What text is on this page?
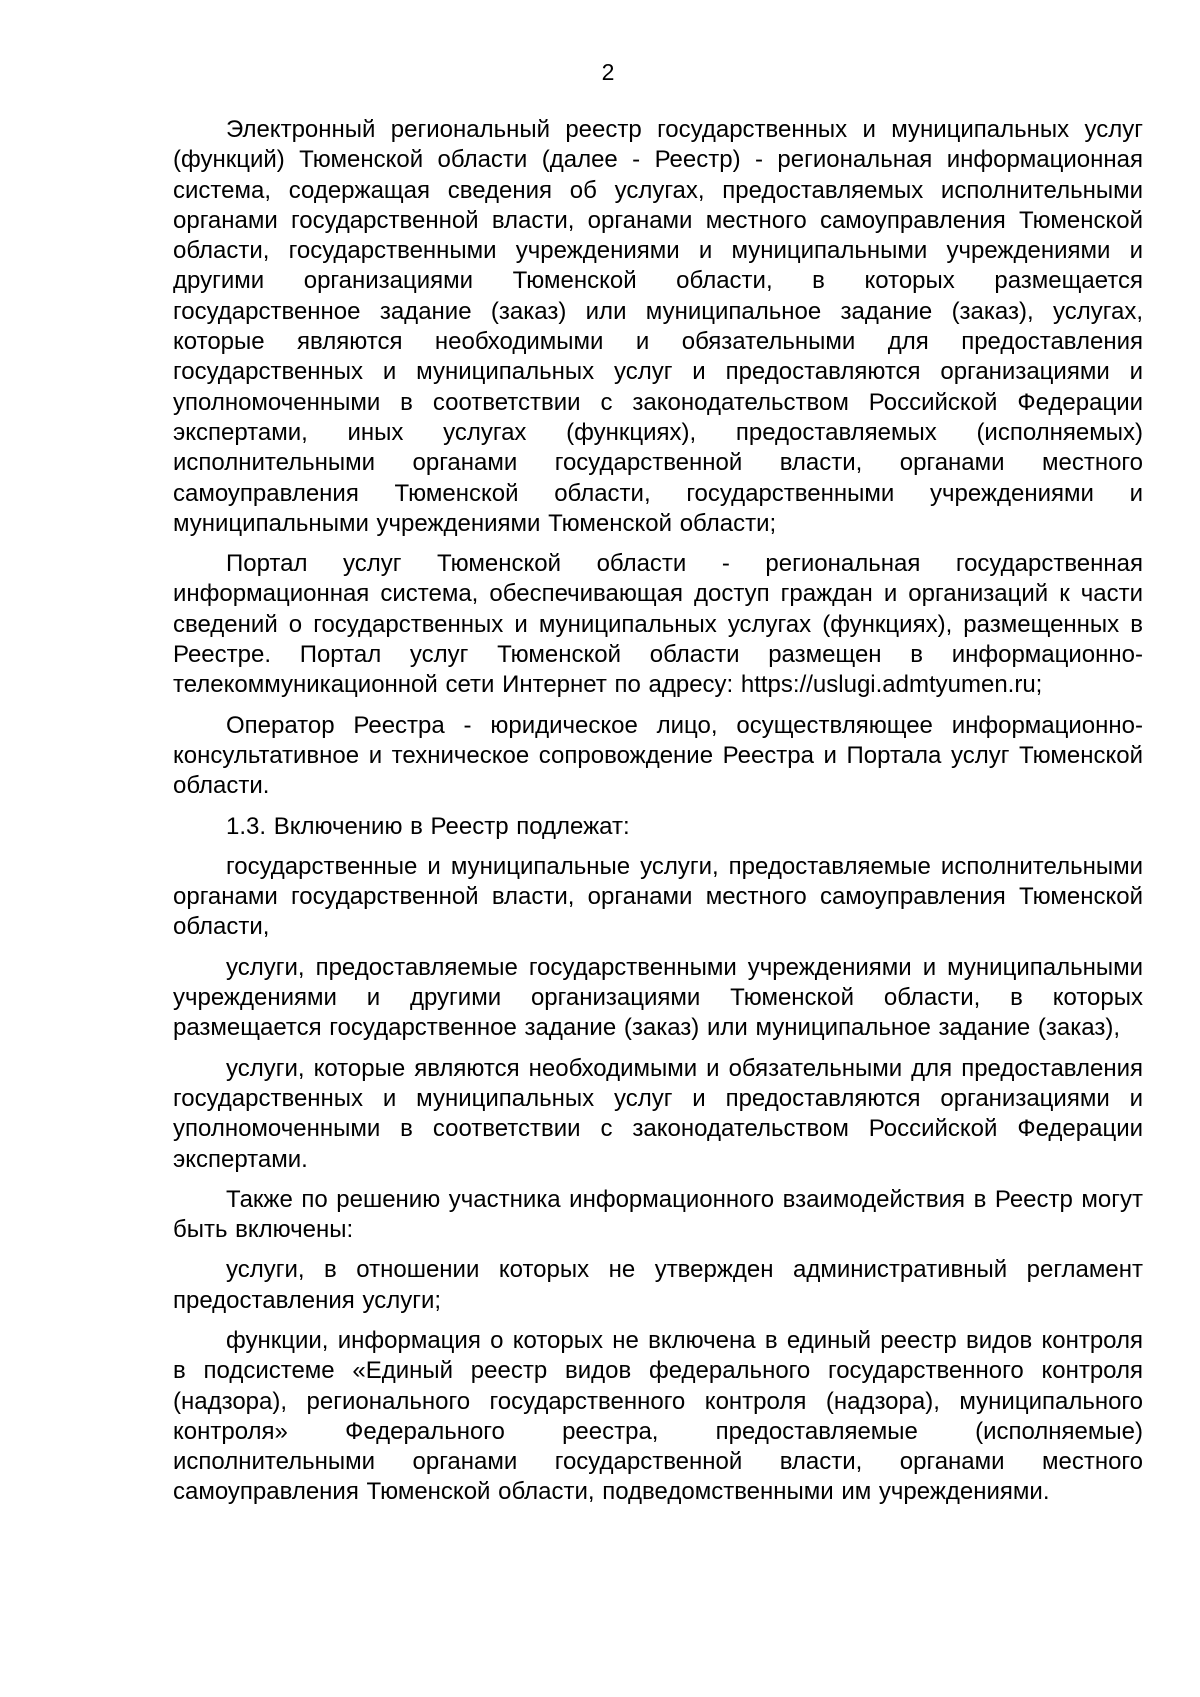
2

Электронный региональный реестр государственных и муниципальных услуг (функций) Тюменской области (далее - Реестр) - региональная информационная система, содержащая сведения об услугах, предоставляемых исполнительными органами государственной власти, органами местного самоуправления Тюменской области, государственными учреждениями и муниципальными учреждениями и другими организациями Тюменской области, в которых размещается государственное задание (заказ) или муниципальное задание (заказ), услугах, которые являются необходимыми и обязательными для предоставления государственных и муниципальных услуг и предоставляются организациями и уполномоченными в соответствии с законодательством Российской Федерации экспертами, иных услугах (функциях), предоставляемых (исполняемых) исполнительными органами государственной власти, органами местного самоуправления Тюменской области, государственными учреждениями и муниципальными учреждениями Тюменской области;

Портал услуг Тюменской области - региональная государственная информационная система, обеспечивающая доступ граждан и организаций к части сведений о государственных и муниципальных услугах (функциях), размещенных в Реестре. Портал услуг Тюменской области размещен в информационно-телекоммуникационной сети Интернет по адресу: https://uslugi.admtyumen.ru;

Оператор Реестра - юридическое лицо, осуществляющее информационно-консультативное и техническое сопровождение Реестра и Портала услуг Тюменской области.

1.3. Включению в Реестр подлежат:

государственные и муниципальные услуги, предоставляемые исполнительными органами государственной власти, органами местного самоуправления Тюменской области,

услуги, предоставляемые государственными учреждениями и муниципальными учреждениями и другими организациями Тюменской области, в которых размещается государственное задание (заказ) или муниципальное задание (заказ),

услуги, которые являются необходимыми и обязательными для предоставления государственных и муниципальных услуг и предоставляются организациями и уполномоченными в соответствии с законодательством Российской Федерации экспертами.

Также по решению участника информационного взаимодействия в Реестр могут быть включены:

услуги, в отношении которых не утвержден административный регламент предоставления услуги;

функции, информация о которых не включена в единый реестр видов контроля в подсистеме «Единый реестр видов федерального государственного контроля (надзора), регионального государственного контроля (надзора), муниципального контроля» Федерального реестра, предоставляемые (исполняемые) исполнительными органами государственной власти, органами местного самоуправления Тюменской области, подведомственными им учреждениями.
